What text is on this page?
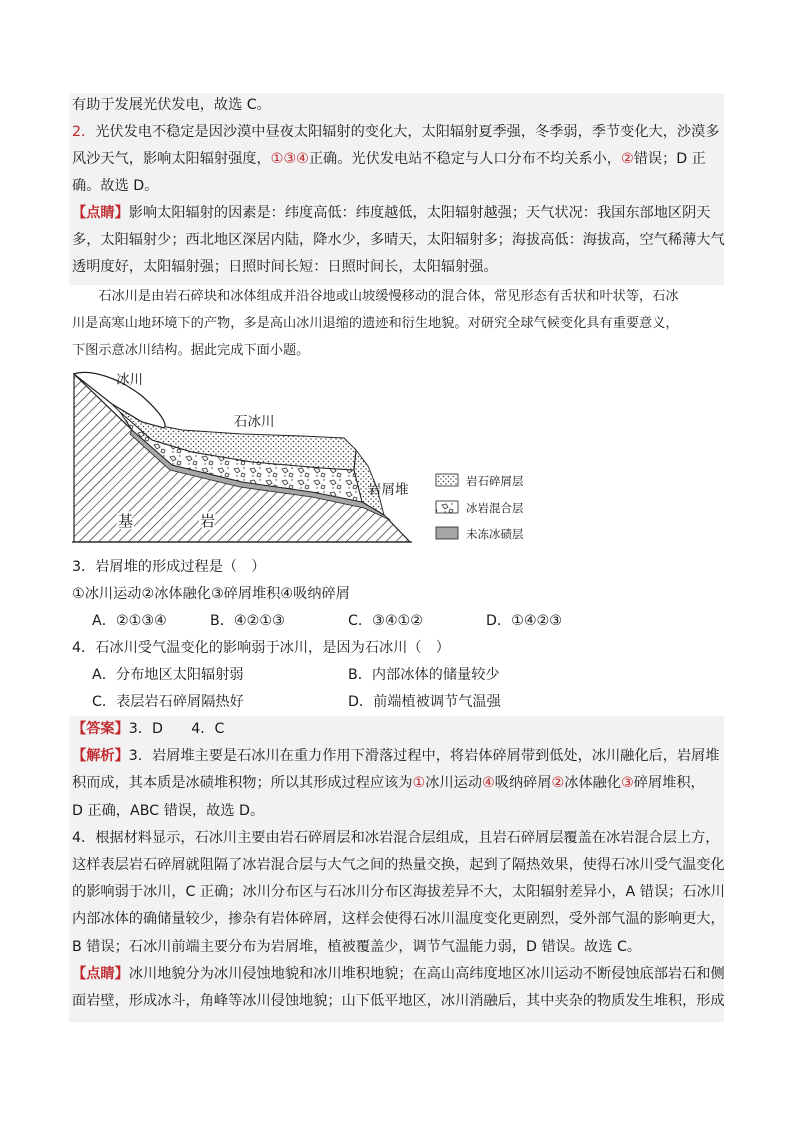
有助于发展光伏发电，故选 C。
2．光伏发电不稳定是因沙漠中昼夜太阳辐射的变化大，太阳辐射夏季强，冬季弱，季节变化大，沙漠多
风沙天气，影响太阳辐射强度，①③④正确。光伏发电站不稳定与人口分布不均关系小，②错误；D 正
确。故选 D。
【点睛】影响太阳辐射的因素是：纬度高低：纬度越低，太阳辐射越强；天气状况：我国东部地区阴天
多，太阳辐射少；西北地区深居内陆，降水少，多晴天，太阳辐射多；海拔高低：海拔高，空气稀薄大气
透明度好，太阳辐射强；日照时间长短：日照时间长，太阳辐射强。
　　石冰川是由岩石碎块和冰体组成并沿谷地或山坡缓慢移动的混合体，常见形态有舌状和叶状等，石冰
川是高寒山地环境下的产物，多是高山冰川退缩的遗迹和衍生地貌。对研究全球气候变化具有重要意义，
下图示意冰川结构。据此完成下面小题。
冰川
石冰川
岩屑堆
基	岩
岩石碎屑层
冰岩混合层
未冻冰碛层
3．岩屑堆的形成过程是（　）
①冰川运动②冰体融化③碎屑堆积④吸纳碎屑
A．②①③④	B．④②①③	C．③④①②	D．①④②③
4．石冰川受气温变化的影响弱于冰川，是因为石冰川（　）
A．分布地区太阳辐射弱	B．内部冰体的储量较少
C．表层岩石碎屑隔热好	D．前端植被调节气温强
【答案】3．D　　4．C
【解析】3．岩屑堆主要是石冰川在重力作用下滑落过程中，将岩体碎屑带到低处，冰川融化后，岩屑堆
积而成，其本质是冰碛堆积物；所以其形成过程应该为①冰川运动④吸纳碎屑②冰体融化③碎屑堆积，
D 正确，ABC 错误，故选 D。
4．根据材料显示，石冰川主要由岩石碎屑层和冰岩混合层组成，且岩石碎屑层覆盖在冰岩混合层上方，
这样表层岩石碎屑就阻隔了冰岩混合层与大气之间的热量交换，起到了隔热效果，使得石冰川受气温变化
的影响弱于冰川，C 正确；冰川分布区与石冰川分布区海拔差异不大，太阳辐射差异小，A 错误；石冰川
内部冰体的确储量较少，掺杂有岩体碎屑，这样会使得石冰川温度变化更剧烈，受外部气温的影响更大，
B 错误；石冰川前端主要分布为岩屑堆，植被覆盖少，调节气温能力弱，D 错误。故选 C。
【点睛】冰川地貌分为冰川侵蚀地貌和冰川堆积地貌；在高山高纬度地区冰川运动不断侵蚀底部岩石和侧
面岩壁，形成冰斗，角峰等冰川侵蚀地貌；山下低平地区，冰川消融后，其中夹杂的物质发生堆积，形成
